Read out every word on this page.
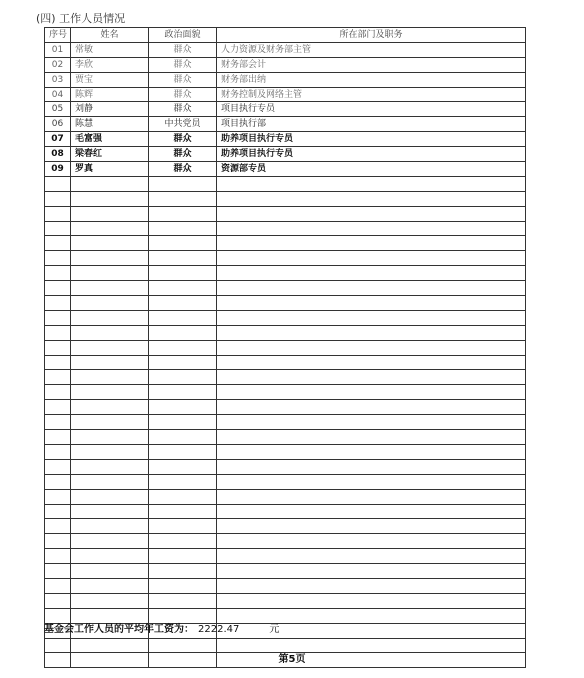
(四) 工作人员情况
序号	姓名	政治面貌	所在部门及职务
01	常敏	群众	人力资源及财务部主管
02	李欣	群众	财务部会计
03	贾宝	群众	财务部出纳
04	陈辉	群众	财务控制及网络主管
05	刘静	群众	项目执行专员
06	陈慧	中共党员	项目执行部
07	毛富强	群众	助养项目执行专员
08	梁春红	群众	助养项目执行专员
09	罗真	群众	资源部专员

基金会工作人员的平均年工资为： 2222.47	元
第5页
